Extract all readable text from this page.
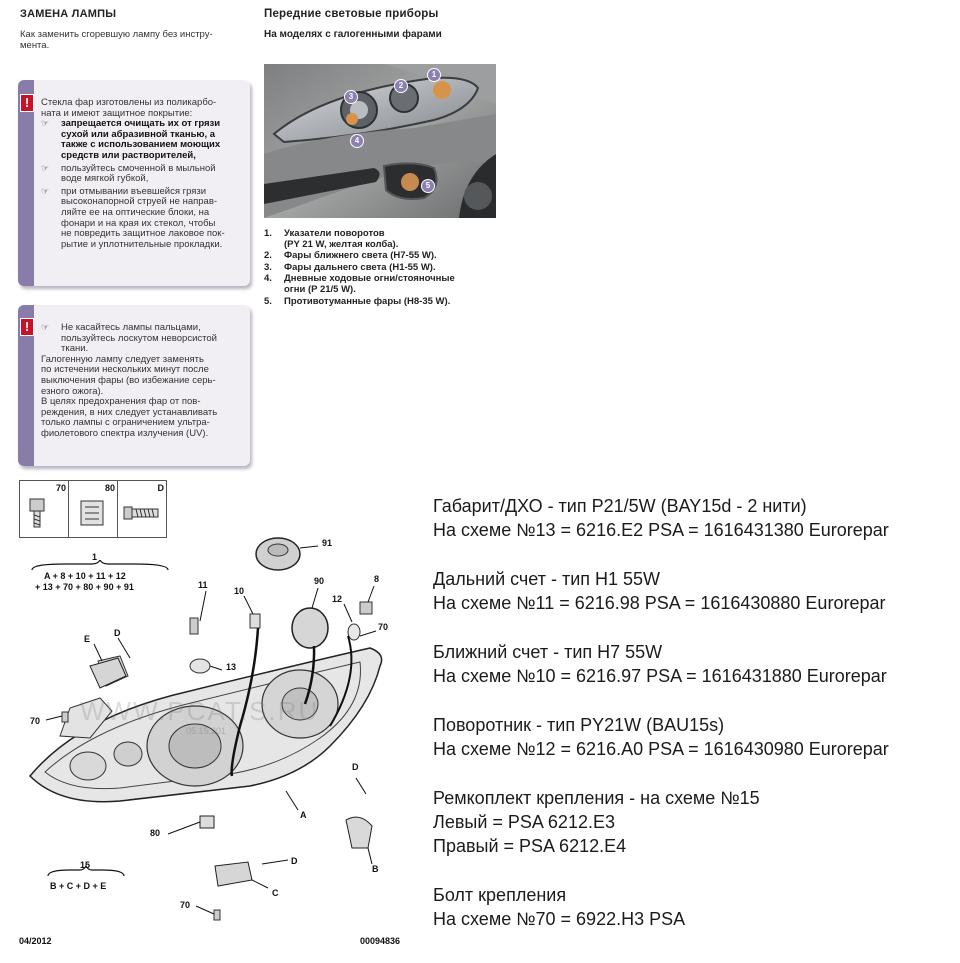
ЗАМЕНА ЛАМПЫ
Как заменить сгоревшую лампу без инстру-
мента.
!	Стекла фар изготовлены из поликарбо-
ната и имеют защитное покрытие:
☞ запрещается очищать их от грязи
сухой или абразивной тканью, а
также с использованием моющих
средств или растворителей,
☞ пользуйтесь смоченной в мыльной
воде мягкой губкой,
☞ при отмывании въевшейся грязи
высоконапорной струей не направ-
ляйте ее на оптические блоки, на
фонари и на края их стекол, чтобы
не повредить защитное лаковое пок-
рытие и уплотнительные прокладки.
!
☞	Не касайтесь лампы пальцами,
пользуйтесь лоскутом неворсистой
ткани.
Галогенную лампу следует заменять
по истечении нескольких минут после
выключения фары (во избежание серь-
езного ожога).
В целях предохранения фар от пов-
реждения, в них следует устанавливать
только лампы с ограничением ультра-
фиолетового спектра излучения (UV).
Передние световые приборы
На моделях с галогенными фарами
1
2
3
4
5
1.	Указатели поворотов
(PY 21 W, желтая колба).
2.	Фары ближнего света (H7-55 W).
3.	Фары дальнего света (H1-55 W).
4.	Дневные ходовые огни/стояночные
огни (P 21/5 W).
5.	Противотуманные фары (H8-35 W).
70	80	D
1
A + 8 + 10 + 11 + 12
+ 13 + 70 + 80 + 90 + 91
91
11
10
90	8
12
70
E
D
13
70
A
D
80
D
B
C
70
15
B + C + D + E
WWW.PCAT.S.RU
05.15.201
04/2012	00094836
Габарит/ДХО - тип P21/5W (BAY15d - 2 нити)
На схеме №13 = 6216.E2 PSA = 1616431380 Eurorepar
Дальний счет - тип H1 55W
На схеме №11 = 6216.98 PSA = 1616430880 Eurorepar
Ближний счет - тип H7 55W
На схеме №10 = 6216.97 PSA = 1616431880 Eurorepar
Поворотник - тип PY21W (BAU15s)
На схеме №12 = 6216.A0 PSA = 1616430980 Eurorepar
Ремкоплект крепления - на схеме №15
Левый = PSA 6212.E3
Правый = PSA 6212.E4
Болт крепления
На схеме №70 = 6922.H3 PSA
